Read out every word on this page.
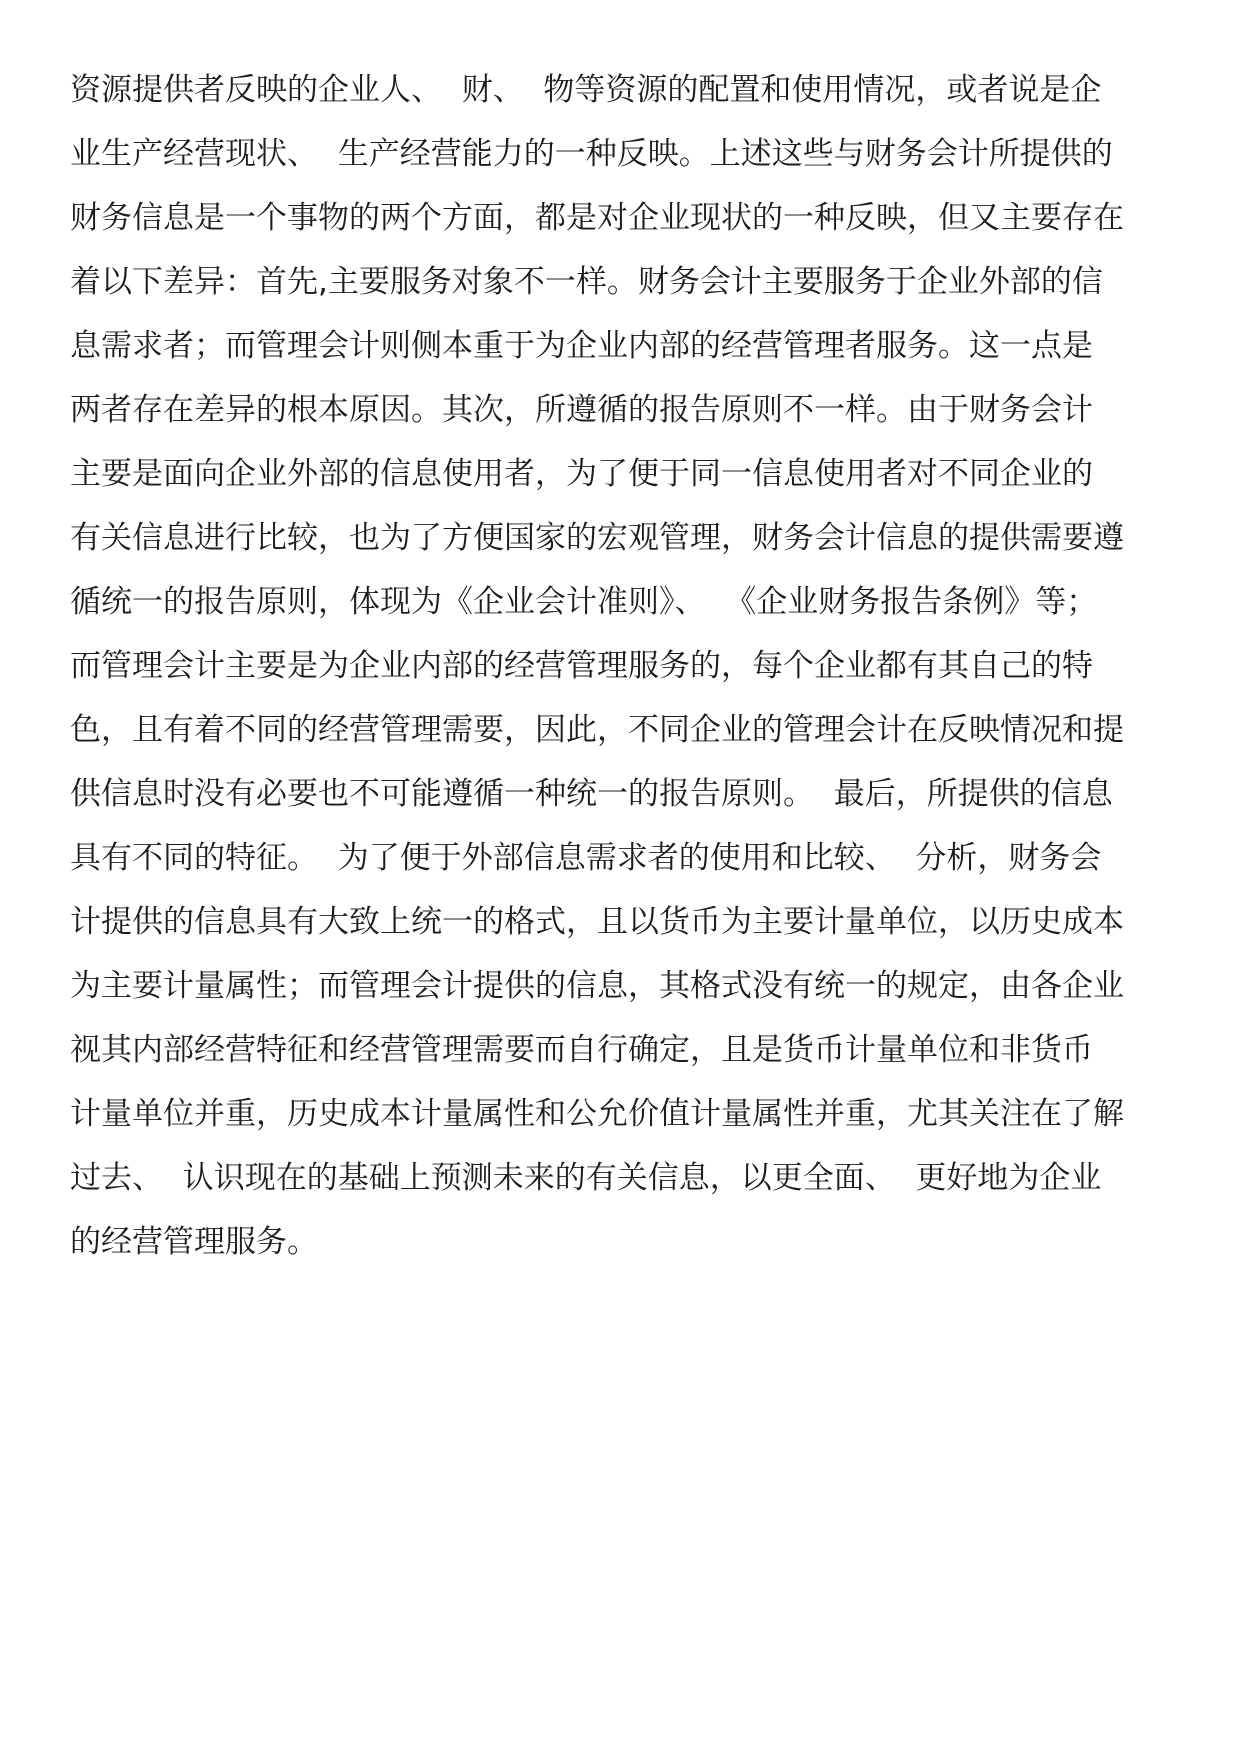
资源提供者反映的企业人、  财、  物等资源的配置和使用情况，或者说是企
业生产经营现状、  生产经营能力的一种反映。上述这些与财务会计所提供的
财务信息是一个事物的两个方面，都是对企业现状的一种反映，但又主要存在
着以下差异：首先,主要服务对象不一样。财务会计主要服务于企业外部的信
息需求者；而管理会计则侧本重于为企业内部的经营管理者服务。这一点是
两者存在差异的根本原因。其次，所遵循的报告原则不一样。由于财务会计
主要是面向企业外部的信息使用者，为了便于同一信息使用者对不同企业的
有关信息进行比较，也为了方便国家的宏观管理，财务会计信息的提供需要遵
循统一的报告原则，体现为《企业会计准则》、  《企业财务报告条例》等；
而管理会计主要是为企业内部的经营管理服务的，每个企业都有其自己的特
色，且有着不同的经营管理需要，因此，不同企业的管理会计在反映情况和提
供信息时没有必要也不可能遵循一种统一的报告原则。  最后，所提供的信息
具有不同的特征。  为了便于外部信息需求者的使用和比较、  分析，财务会
计提供的信息具有大致上统一的格式，且以货币为主要计量单位，以历史成本
为主要计量属性；而管理会计提供的信息，其格式没有统一的规定，由各企业
视其内部经营特征和经营管理需要而自行确定，且是货币计量单位和非货币
计量单位并重，历史成本计量属性和公允价值计量属性并重，尤其关注在了解
过去、  认识现在的基础上预测未来的有关信息，以更全面、  更好地为企业
的经营管理服务。
